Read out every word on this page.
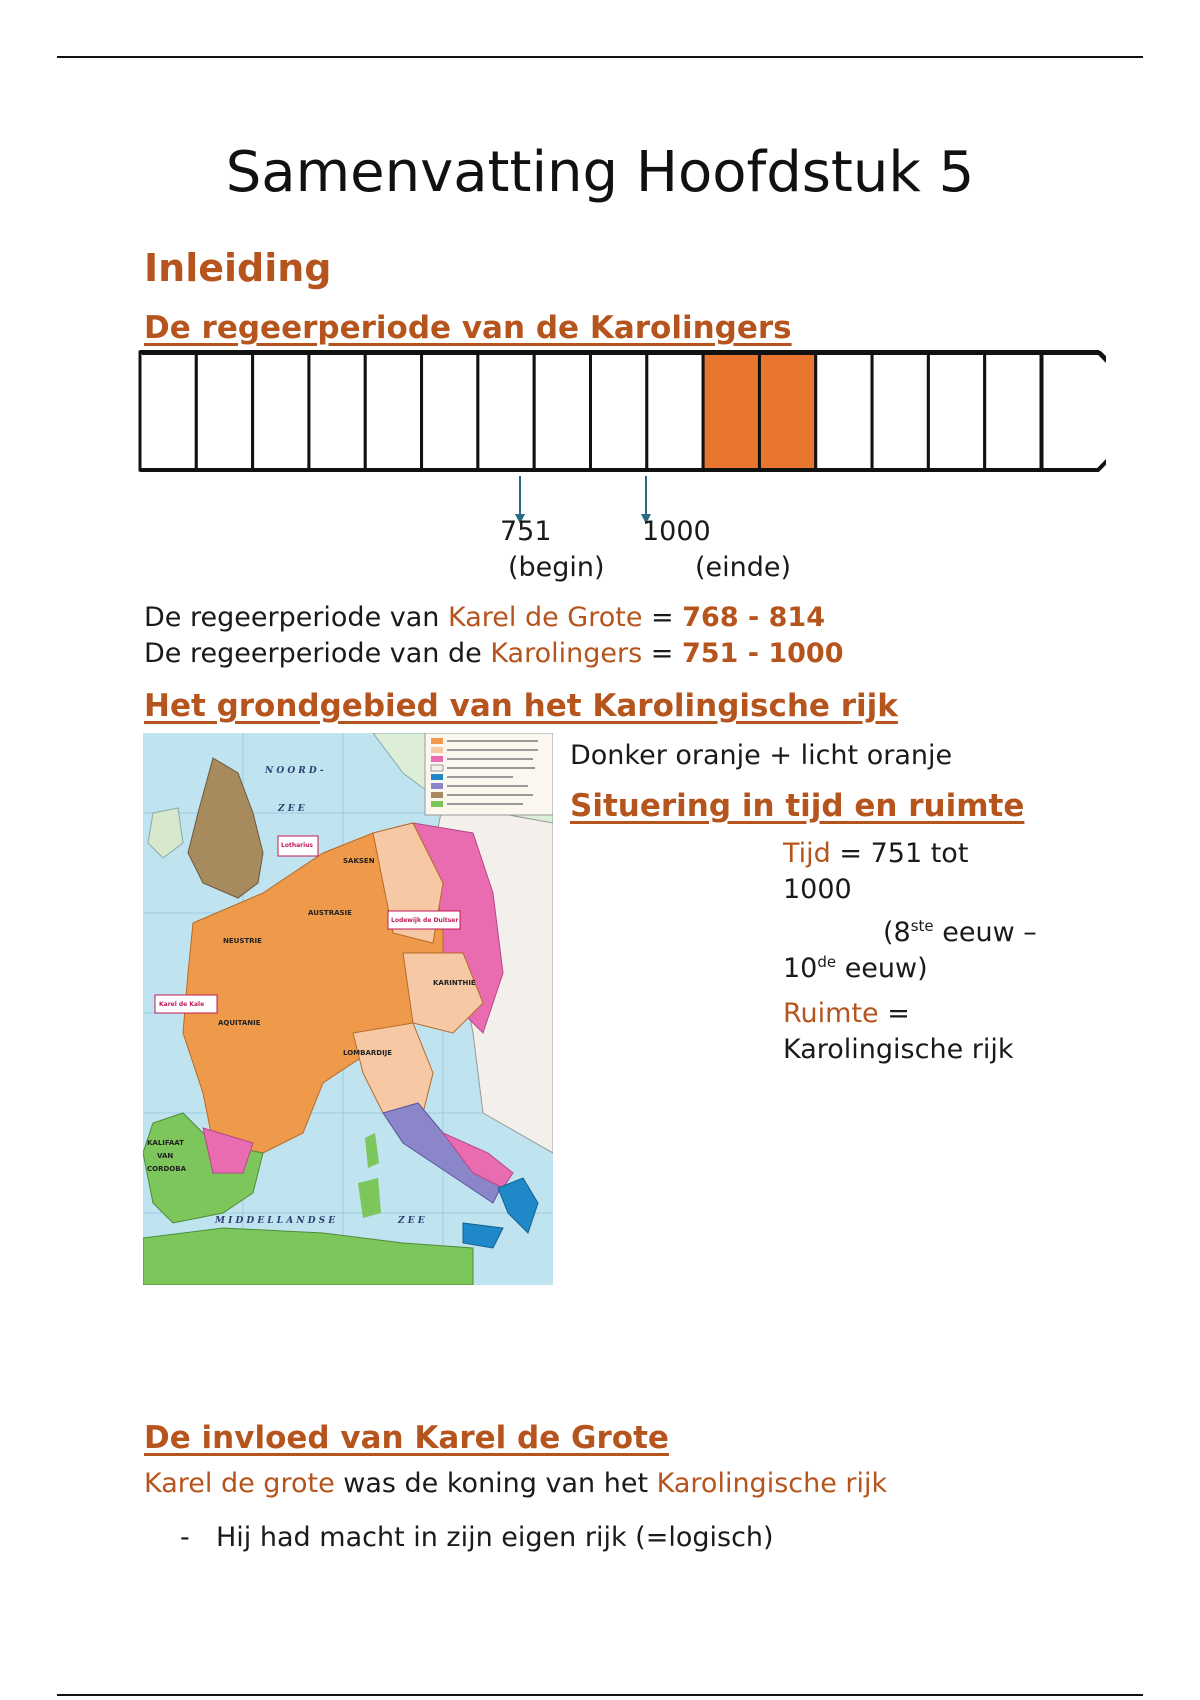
Samenvatting Hoofdstuk 5
Inleiding
De regeerperiode van de Karolingers
751
(begin)
1000
(einde)
De regeerperiode van Karel de Grote = 768 - 814
De regeerperiode van de Karolingers = 751 - 1000
Het grondgebied van het Karolingische rijk
N O O R D -
Z E E
M I D D E L L A N D S E	Z E E
SAKSEN
AUSTRASIE
NEUSTRIE
AQUITANIE
LOMBARDIJE
KARINTHIE
KALIFAAT
VAN
CORDOBA
Lotharius
Lodewijk de Duitser
Karel de Kale
Donker oranje + licht oranje
Situering in tijd en ruimte
Tijd = 751 tot
1000
(8ste eeuw –
10de eeuw)
Ruimte =
Karolingische rijk
De invloed van Karel de Grote
Karel de grote was de koning van het Karolingische rijk
- Hij had macht in zijn eigen rijk (=logisch)
